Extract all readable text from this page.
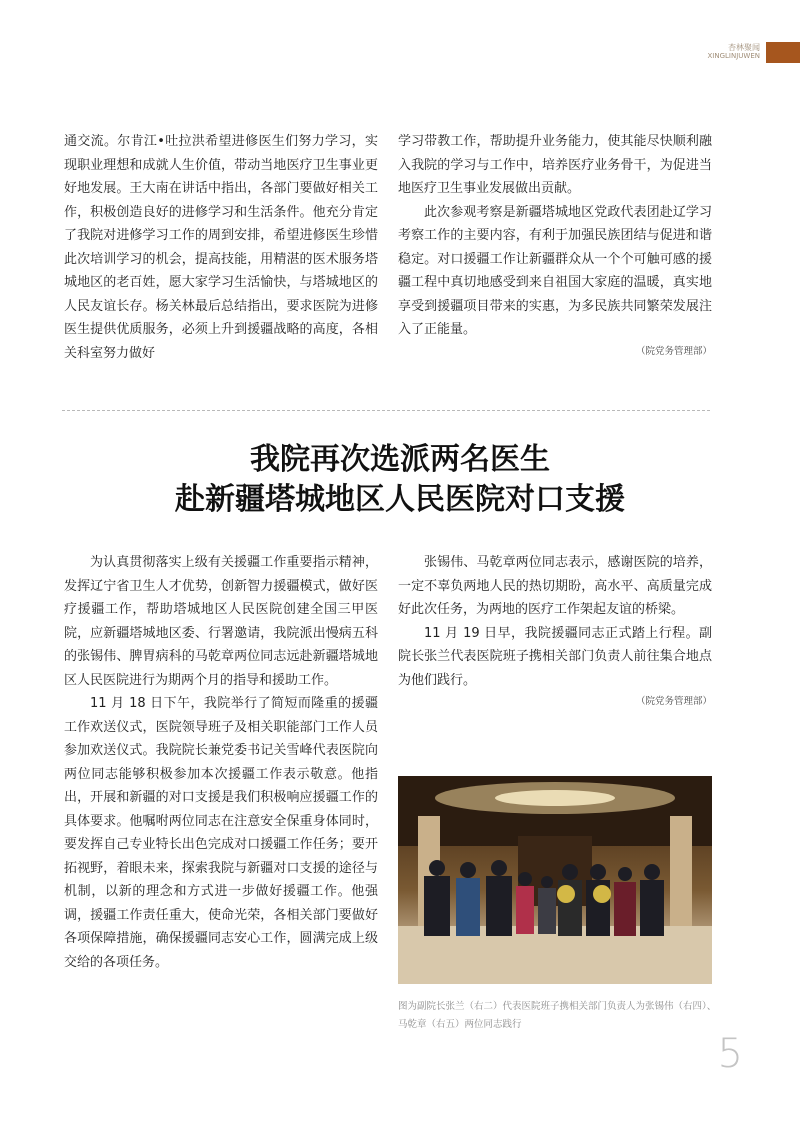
杏林聚闻
XINGLINJUWEN

通交流。尔肯江•吐拉洪希望进修医生们努力学习，实现职业理想和成就人生价值，带动当地医疗卫生事业更好地发展。王大南在讲话中指出，各部门要做好相关工作，积极创造良好的进修学习和生活条件。他充分肯定了我院对进修学习工作的周到安排，希望进修医生珍惜此次培训学习的机会，提高技能，用精湛的医术服务塔城地区的老百姓，愿大家学习生活愉快，与塔城地区的人民友谊长存。杨关林最后总结指出，要求医院为进修医生提供优质服务，必须上升到援疆战略的高度，各相关科室努力做好

学习带教工作，帮助提升业务能力，使其能尽快顺利融入我院的学习与工作中，培养医疗业务骨干，为促进当地医疗卫生事业发展做出贡献。

此次参观考察是新疆塔城地区党政代表团赴辽学习考察工作的主要内容，有利于加强民族团结与促进和谐稳定。对口援疆工作让新疆群众从一个个可触可感的援疆工程中真切地感受到来自祖国大家庭的温暖，真实地享受到援疆项目带来的实惠，为多民族共同繁荣发展注入了正能量。

（院党务管理部）
我院再次选派两名医生
赴新疆塔城地区人民医院对口支援

为认真贯彻落实上级有关援疆工作重要指示精神，发挥辽宁省卫生人才优势，创新智力援疆模式，做好医疗援疆工作，帮助塔城地区人民医院创建全国三甲医院，应新疆塔城地区委、行署邀请，我院派出慢病五科的张锡伟、脾胃病科的马乾章两位同志远赴新疆塔城地区人民医院进行为期两个月的指导和援助工作。

11 月 18 日下午，我院举行了简短而隆重的援疆工作欢送仪式，医院领导班子及相关职能部门工作人员参加欢送仪式。我院院长兼党委书记关雪峰代表医院向两位同志能够积极参加本次援疆工作表示敬意。他指出，开展和新疆的对口支援是我们积极响应援疆工作的具体要求。他嘱咐两位同志在注意安全保重身体同时，要发挥自己专业特长出色完成对口援疆工作任务；要开拓视野，着眼未来，探索我院与新疆对口支援的途径与机制，以新的理念和方式进一步做好援疆工作。他强调，援疆工作责任重大，使命光荣，各相关部门要做好各项保障措施，确保援疆同志安心工作，圆满完成上级交给的各项任务。

张锡伟、马乾章两位同志表示，感谢医院的培养，一定不辜负两地人民的热切期盼，高水平、高质量完成好此次任务，为两地的医疗工作架起友谊的桥梁。

11 月 19 日早，我院援疆同志正式踏上行程。副院长张兰代表医院班子携相关部门负责人前往集合地点为他们践行。

（院党务管理部）
图为副院长张兰（右二）代表医院班子携相关部门负责人为张锡伟（右四）、马乾章（右五）两位同志践行
5
